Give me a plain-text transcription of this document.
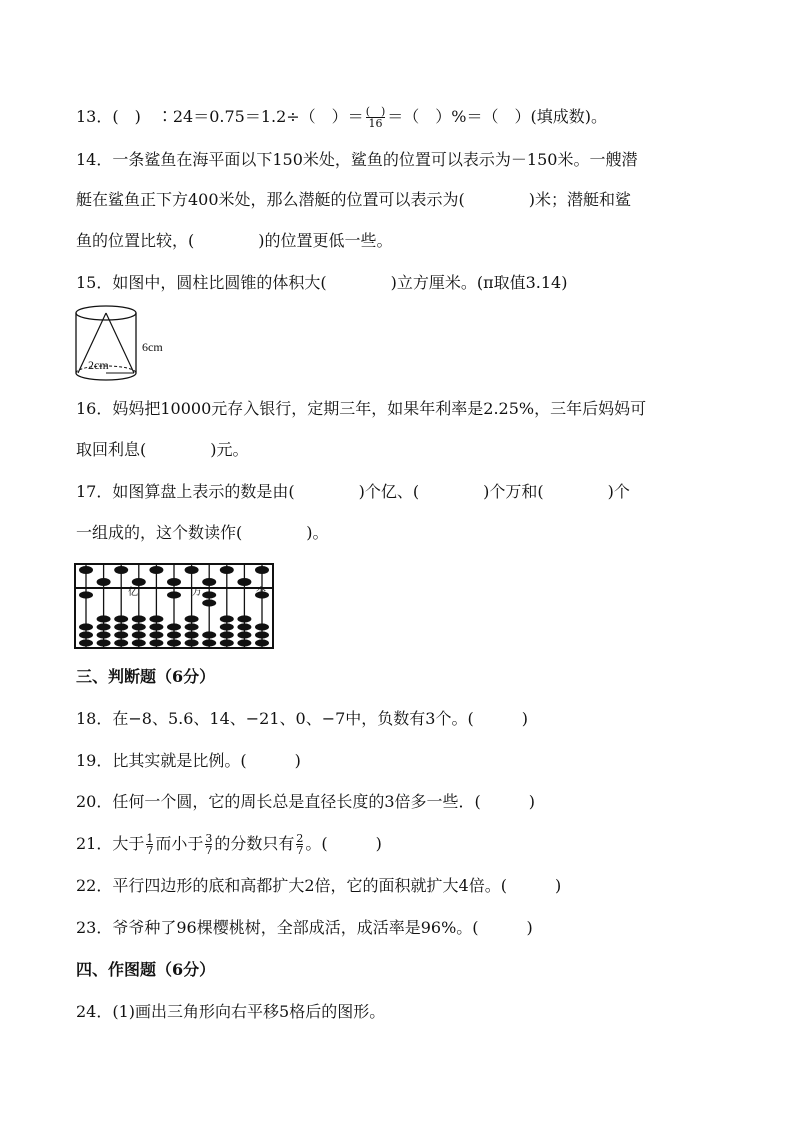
13．(　)　∶24＝0.75＝1.2÷（　）＝ $\frac{( )}{16}$ ＝（　）%＝（　）(填成数)。
14．一条鲨鱼在海平面以下150米处，鲨鱼的位置可以表示为－150米。一艘潜
艇在鲨鱼正下方400米处，那么潜艇的位置可以表示为(　　　　)米；潜艇和鲨
鱼的位置比较，(　　　　)的位置更低一些。
15．如图中，圆柱比圆锥的体积大(　　　　)立方厘米。(π取值3.14)
2cm
6cm
16．妈妈把10000元存入银行，定期三年，如果年利率是2.25%，三年后妈妈可
取回利息(　　　　)元。
17．如图算盘上表示的数是由(　　　　)个亿、(　　　　)个万和(　　　　)个
一组成的，这个数读作(　　　　)。
亿	万	个
三、判断题（6分）
18．在−8、5.6、14、−21、0、−7中，负数有3个。(　　　)
19．比其实就是比例。(　　　)
20．任何一个圆，它的周长总是直径长度的3倍多一些．(　　　)
21．大于 $\frac{1}{7}$ 而小于 $\frac{3}{7}$ 的分数只有 $\frac{2}{7}$ 。(　　　)
22．平行四边形的底和高都扩大2倍，它的面积就扩大4倍。(　　　)
23．爷爷种了96棵樱桃树，全部成活，成活率是96%。(　　　)
四、作图题（6分）
24．(1)画出三角形向右平移5格后的图形。
